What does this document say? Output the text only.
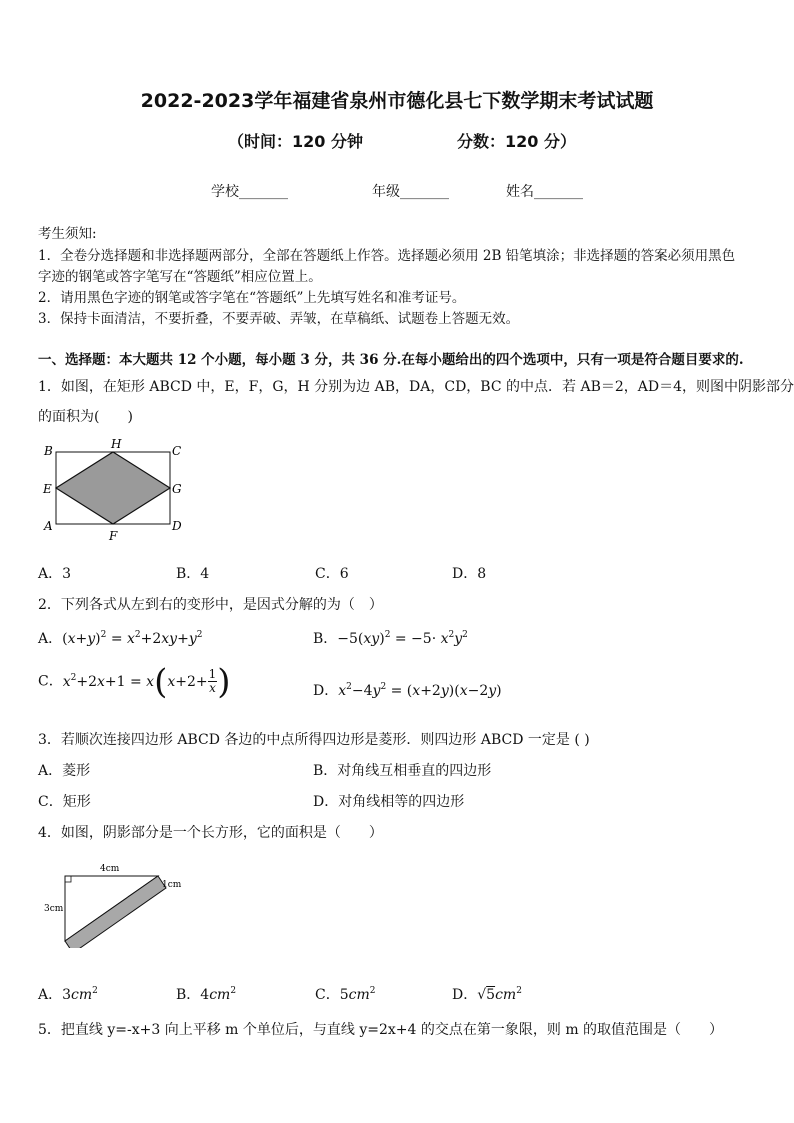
2022-2023学年福建省泉州市德化县七下数学期末考试试题
（时间：120 分钟	分数：120 分）
学校_______	年级_______	姓名_______
考生须知:
1．全卷分选择题和非选择题两部分，全部在答题纸上作答。选择题必须用 2B 铅笔填涂；非选择题的答案必须用黑色
字迹的钢笔或答字笔写在“答题纸”相应位置上。
2．请用黑色字迹的钢笔或答字笔在“答题纸”上先填写姓名和准考证号。
3．保持卡面清洁，不要折叠，不要弄破、弄皱，在草稿纸、试题卷上答题无效。
一、选择题：本大题共 12 个小题，每小题 3 分，共 36 分.在每小题给出的四个选项中，只有一项是符合题目要求的.
1．如图，在矩形 ABCD 中，E，F，G，H 分别为边 AB，DA，CD，BC 的中点．若 AB＝2，AD＝4，则图中阴影部分
的面积为(　　)
B	H	C
E	G
A
F
D
A．3	B．4	C．6	D．8
2．下列各式从左到右的变形中，是因式分解的为（　）
A．$(x+y)^2 = x^2+2xy+y^2$	B．$-5(xy)^2 = -5\cdot x^2y^2$
C．$x^2+2x+1 = x(x+2+ \frac{1}{x}$ )	D．$x^2-4y^2 = (x+2y)(x-2y)$
3．若顺次连接四边形 ABCD 各边的中点所得四边形是菱形．则四边形 ABCD 一定是 ( )
A．菱形	B．对角线互相垂直的四边形
C．矩形	D．对角线相等的四边形
4．如图，阴影部分是一个长方形，它的面积是（　　）
4cm
1cm
3cm
A．$3cm^2$	B．$4cm^2$	C．$5cm^2$	D．$√5cm^2$
5．把直线 y=-x+3 向上平移 m 个单位后，与直线 y=2x+4 的交点在第一象限，则 m 的取值范围是（　　）
